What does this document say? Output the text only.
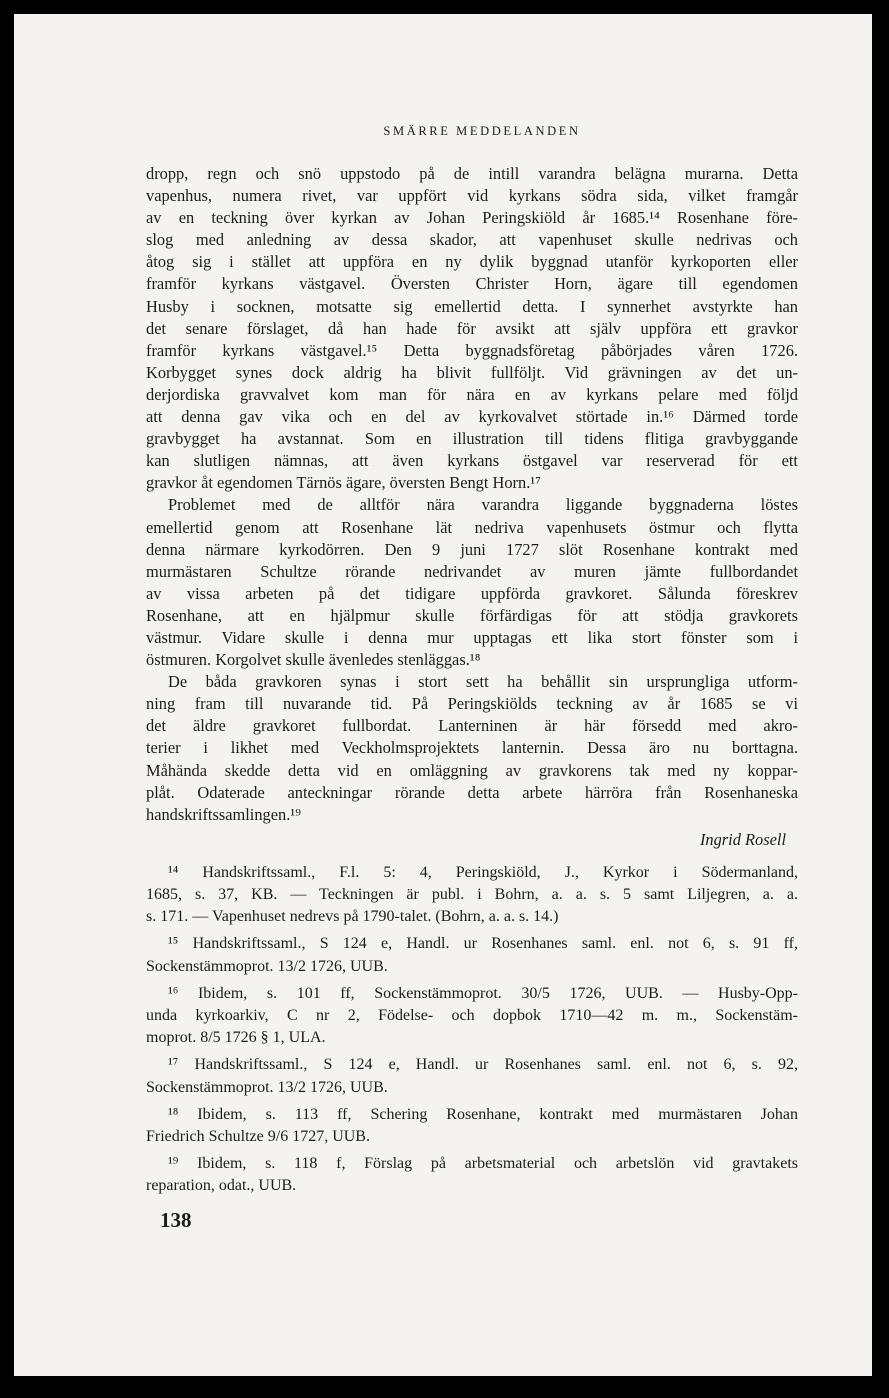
SMÄRRE MEDDELANDEN
dropp, regn och snö uppstodo på de intill varandra belägna murarna. Detta
vapenhus, numera rivet, var uppfört vid kyrkans södra sida, vilket framgår
av en teckning över kyrkan av Johan Peringskiöld år 1685.¹⁴ Rosenhane före-
slog med anledning av dessa skador, att vapenhuset skulle nedrivas och
åtog sig i stället att uppföra en ny dylik byggnad utanför kyrkoporten eller
framför kyrkans västgavel. Översten Christer Horn, ägare till egendomen
Husby i socknen, motsatte sig emellertid detta. I synnerhet avstyrkte han
det senare förslaget, då han hade för avsikt att själv uppföra ett gravkor
framför kyrkans västgavel.¹⁵ Detta byggnadsföretag påbörjades våren 1726.
Korbygget synes dock aldrig ha blivit fullföljt. Vid grävningen av det un-
derjordiska gravvalvet kom man för nära en av kyrkans pelare med följd
att denna gav vika och en del av kyrkovalvet störtade in.¹⁶ Därmed torde
gravbygget ha avstannat. Som en illustration till tidens flitiga gravbyggande
kan slutligen nämnas, att även kyrkans östgavel var reserverad för ett
gravkor åt egendomen Tärnös ägare, översten Bengt Horn.¹⁷
Problemet med de alltför nära varandra liggande byggnaderna löstes
emellertid genom att Rosenhane lät nedriva vapenhusets östmur och flytta
denna närmare kyrkodörren. Den 9 juni 1727 slöt Rosenhane kontrakt med
murmästaren Schultze rörande nedrivandet av muren jämte fullbordandet
av vissa arbeten på det tidigare uppförda gravkoret. Sålunda föreskrev
Rosenhane, att en hjälpmur skulle förfärdigas för att stödja gravkorets
västmur. Vidare skulle i denna mur upptagas ett lika stort fönster som i
östmuren. Korgolvet skulle ävenledes stenläggas.¹⁸
De båda gravkoren synas i stort sett ha behållit sin ursprungliga utform-
ning fram till nuvarande tid. På Peringskiölds teckning av år 1685 se vi
det äldre gravkoret fullbordat. Lanterninen är här försedd med akro-
terier i likhet med Veckholmsprojektets lanternin. Dessa äro nu borttagna.
Måhända skedde detta vid en omläggning av gravkorens tak med ny koppar-
plåt. Odaterade anteckningar rörande detta arbete härröra från Rosenhaneska
handskriftssamlingen.¹⁹
Ingrid Rosell
¹⁴ Handskriftssaml., F.l. 5: 4, Peringskiöld, J., Kyrkor i Södermanland,
1685, s. 37, KB. — Teckningen är publ. i Bohrn, a. a. s. 5 samt Liljegren, a. a.
s. 171. — Vapenhuset nedrevs på 1790-talet. (Bohrn, a. a. s. 14.)
¹⁵ Handskriftssaml., S 124 e, Handl. ur Rosenhanes saml. enl. not 6, s. 91 ff,
Sockenstämmoprot. 13/2 1726, UUB.
¹⁶ Ibidem, s. 101 ff, Sockenstämmoprot. 30/5 1726, UUB. — Husby-Opp-
unda kyrkoarkiv, C nr 2, Födelse- och dopbok 1710—42 m. m., Sockenstäm-
moprot. 8/5 1726 § 1, ULA.
¹⁷ Handskriftssaml., S 124 e, Handl. ur Rosenhanes saml. enl. not 6, s. 92,
Sockenstämmoprot. 13/2 1726, UUB.
¹⁸ Ibidem, s. 113 ff, Schering Rosenhane, kontrakt med murmästaren Johan
Friedrich Schultze 9/6 1727, UUB.
¹⁹ Ibidem, s. 118 f, Förslag på arbetsmaterial och arbetslön vid gravtakets
reparation, odat., UUB.
138
